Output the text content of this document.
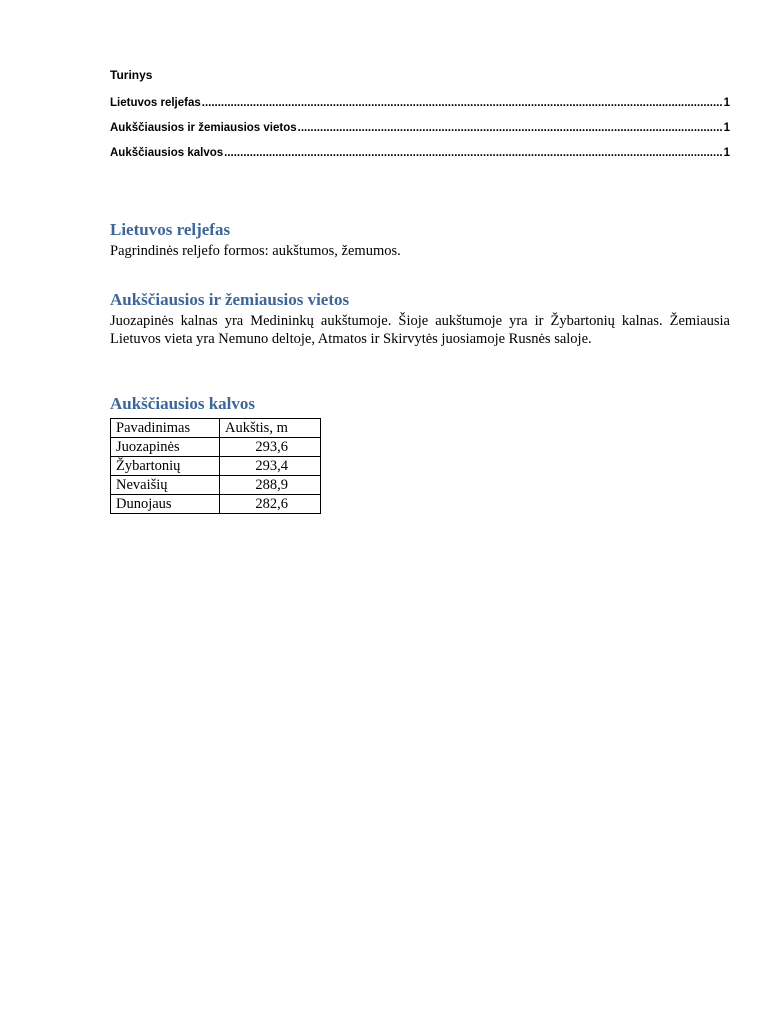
Turinys

Lietuvos reljefas .....	1
Aukščiausios ir žemiausios vietos .....	1
Aukščiausios kalvos .....	1
Lietuvos reljefas

Pagrindinės reljefo formos: aukštumos, žemumos.

Aukščiausios ir žemiausios vietos

Juozapinės kalnas yra Medininkų aukštumoje. Šioje aukštumoje yra ir Žybartonių kalnas. Žemiausia Lietuvos vieta yra Nemuno deltoje, Atmatos ir Skirvytės juosiamoje Rusnės saloje.

Aukščiausios kalvos
Pavadinimas	Aukštis, m
Juozapinės	293,6
Žybartonių	293,4
Nevaišių	288,9
Dunojaus	282,6
